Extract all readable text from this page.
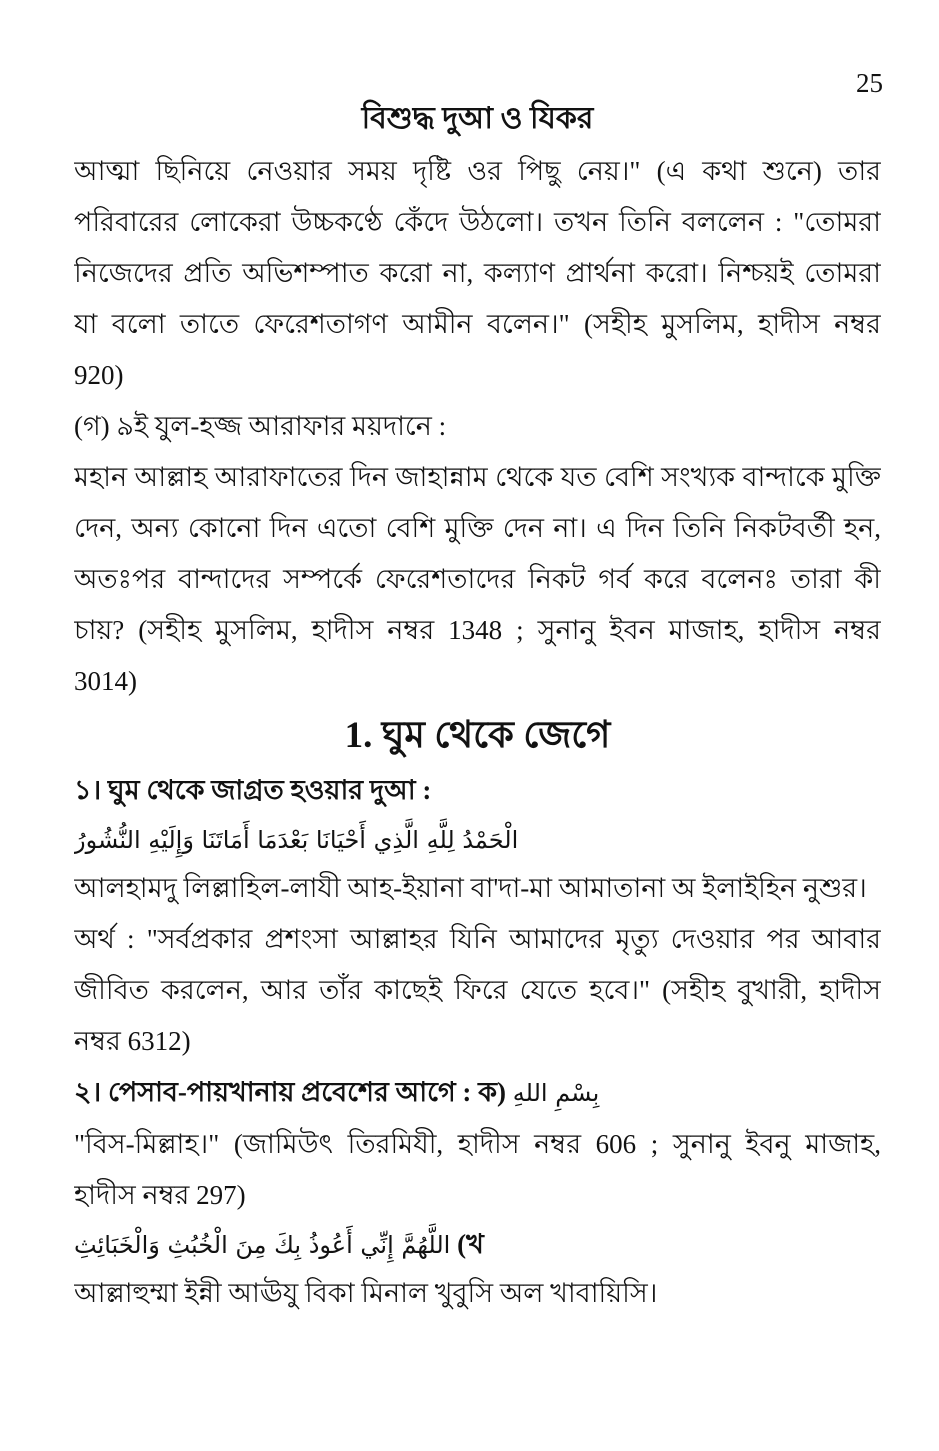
25
বিশুদ্ধ দুআ ও যিকর
আত্মা ছিনিয়ে নেওয়ার সময় দৃষ্টি ওর পিছু নেয়।" (এ কথা শুনে) তার
পরিবারের লোকেরা উচ্চকণ্ঠে কেঁদে উঠলো। তখন তিনি বললেন : "তোমরা
নিজেদের প্রতি অভিশম্পাত করো না, কল্যাণ প্রার্থনা করো। নিশ্চয়ই তোমরা
যা বলো তাতে ফেরেশতাগণ আমীন বলেন।" (সহীহ মুসলিম, হাদীস নম্বর
920)
(গ) ৯ই যুল-হজ্জ আরাফার ময়দানে :
মহান আল্লাহ আরাফাতের দিন জাহান্নাম থেকে যত বেশি সংখ্যক বান্দাকে মুক্তি
দেন, অন্য কোনো দিন এতো বেশি মুক্তি দেন না। এ দিন তিনি নিকটবর্তী হন,
অতঃপর বান্দাদের সম্পর্কে ফেরেশতাদের নিকট গর্ব করে বলেনঃ তারা কী
চায়? (সহীহ মুসলিম, হাদীস নম্বর 1348 ; সুনানু ইবন মাজাহ, হাদীস নম্বর
3014)
1. ঘুম থেকে জেগে
১। ঘুম থেকে জাগ্রত হওয়ার দুআ :
الْحَمْدُ لِلَّهِ الَّذِي أَحْيَانَا بَعْدَمَا أَمَاتَنَا وَإِلَيْهِ النُّشُورُ
আলহামদু লিল্লাহিল-লাযী আহ-ইয়ানা বা'দা-মা আমাতানা অ ইলাইহিন নুশুর।
অর্থ : "সর্বপ্রকার প্রশংসা আল্লাহর যিনি আমাদের মৃত্যু দেওয়ার পর আবার
জীবিত করলেন, আর তাঁর কাছেই ফিরে যেতে হবে।" (সহীহ বুখারী, হাদীস
নম্বর 6312)
২। পেসাব-পায়খানায় প্রবেশের আগে : ক) بِسْمِ اللهِ
"বিস-মিল্লাহ।" (জামিউৎ তিরমিযী, হাদীস নম্বর 606 ; সুনানু ইবনু মাজাহ,
হাদীস নম্বর 297)
اللَّهُمَّ إِنِّي أَعُوذُ بِكَ مِنَ الْخُبُثِ وَالْخَبَائِثِ (খ
আল্লাহুম্মা ইন্নী আঊযু বিকা মিনাল খুবুসি অল খাবায়িসি।
